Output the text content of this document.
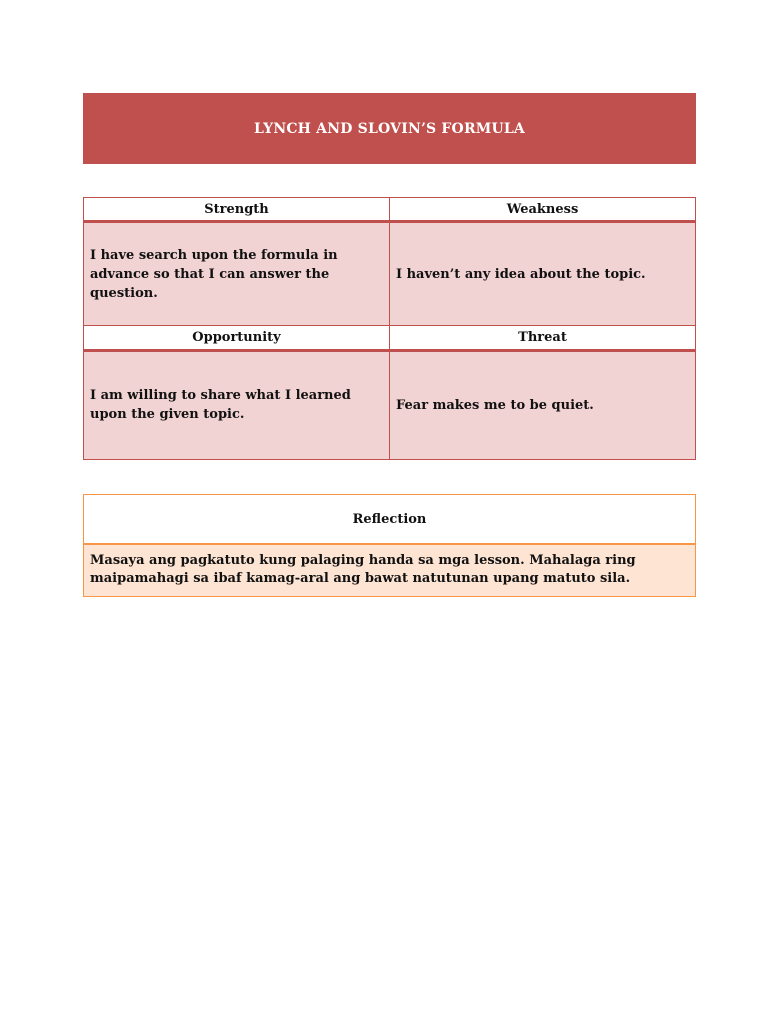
LYNCH AND SLOVIN’S FORMULA
Strength	Weakness
I have search upon the formula in advance so that I can answer the question.	I haven’t any idea about the topic.
Opportunity	Threat
I am willing to share what I learned upon the given topic.	Fear makes me to be quiet.
Reflection
Masaya ang pagkatuto kung palaging handa sa mga lesson. Mahalaga ring maipamahagi sa ibaf kamag-aral ang bawat natutunan upang matuto sila.
